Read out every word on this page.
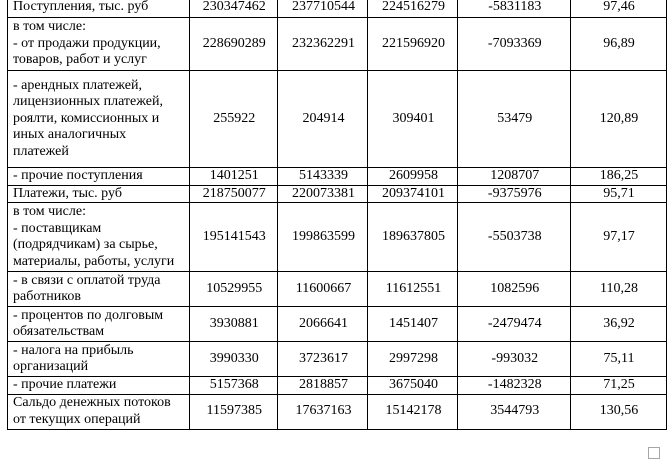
Поступления, тыс. руб	230347462	237710544	224516279	-5831183	97,46
в том числе:
- от продажи продукции, товаров, работ и услуг	228690289	232362291	221596920	-7093369	96,89
- арендных платежей, лицензионных платежей, роялти, комиссионных и иных аналогичных платежей	255922	204914	309401	53479	120,89
- прочие поступления	1401251	5143339	2609958	1208707	186,25
Платежи, тыс. руб	218750077	220073381	209374101	-9375976	95,71
в том числе:
- поставщикам (подрядчикам) за сырье, материалы, работы, услуги	195141543	199863599	189637805	-5503738	97,17
- в связи с оплатой труда работников	10529955	11600667	11612551	1082596	110,28
- процентов по долговым обязательствам	3930881	2066641	1451407	-2479474	36,92
- налога на прибыль организаций	3990330	3723617	2997298	-993032	75,11
- прочие платежи	5157368	2818857	3675040	-1482328	71,25
Сальдо денежных потоков от текущих операций	11597385	17637163	15142178	3544793	130,56
